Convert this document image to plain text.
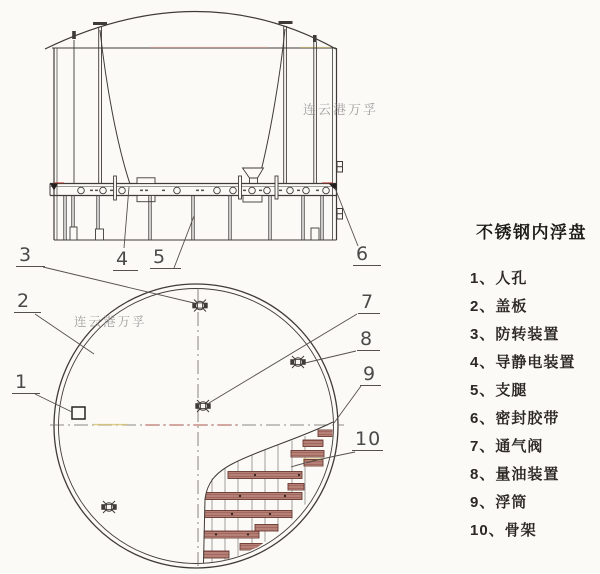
1
2
3	4	5	6
7
8
9
10
连云港万孚
连云港万孚
不锈钢内浮盘
1、人孔
2、盖板
3、防转装置
4、导静电装置
5、支腿
6、密封胶带
7、通气阀
8、量油装置
9、浮筒
10、骨架
